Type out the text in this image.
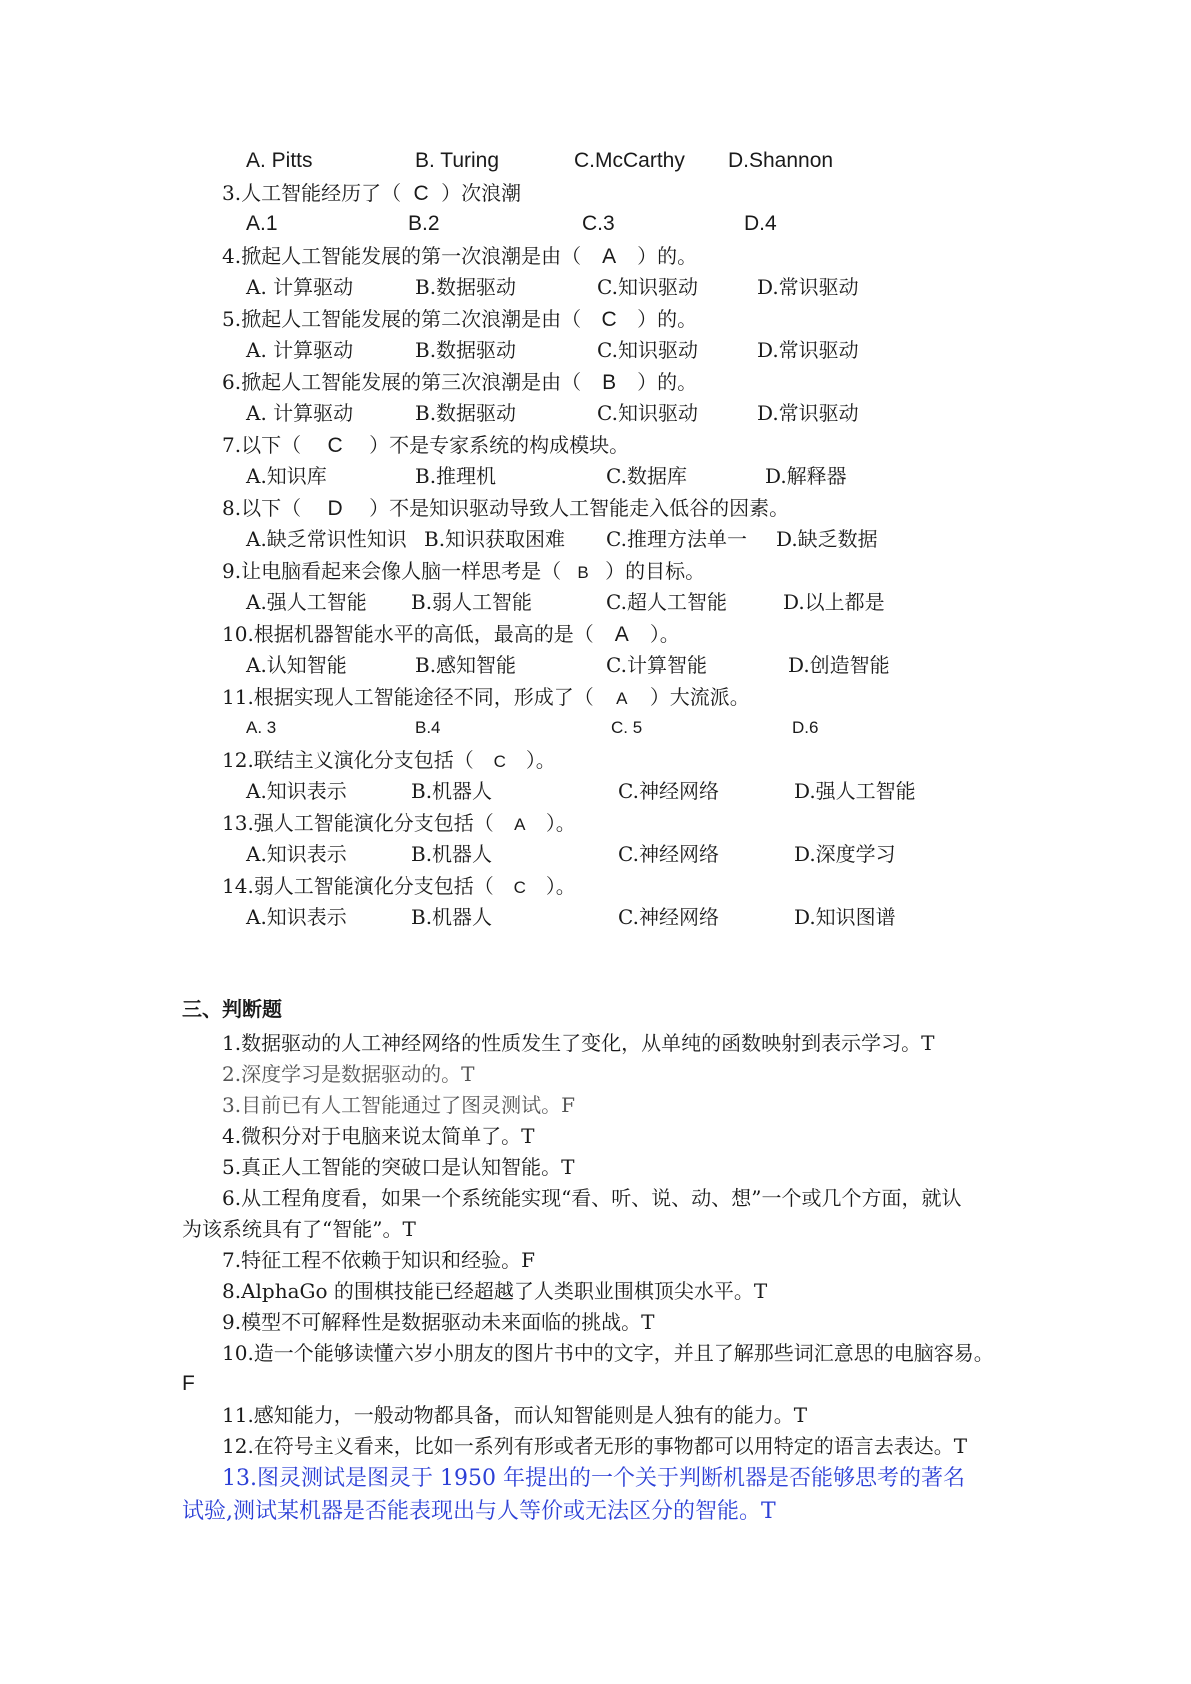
A. Pitts	B. Turing	C.McCarthy D.Shannon
3.人工智能经历了（ C ）次浪潮
A.1	B.2	C.3	D.4
4.掀起人工智能发展的第一次浪潮是由（ A ）的。
A. 计算驱动	B.数据驱动	C.知识驱动	D.常识驱动
5.掀起人工智能发展的第二次浪潮是由（ C ）的。
A. 计算驱动	B.数据驱动	C.知识驱动	D.常识驱动
6.掀起人工智能发展的第三次浪潮是由（ B ）的。
A. 计算驱动	B.数据驱动	C.知识驱动	D.常识驱动
7.以下（ C ）不是专家系统的构成模块。
A.知识库	B.推理机	C.数据库	D.解释器
8.以下（ D ）不是知识驱动导致人工智能走入低谷的因素。
A.缺乏常识性知识 B.知识获取困难 C.推理方法单一 D.缺乏数据
9.让电脑看起来会像人脑一样思考是（ B ）的目标。
A.强人工智能 B.弱人工智能	C.超人工智能	D.以上都是
10.根据机器智能水平的高低，最高的是（ A ）。
A.认知智能	B.感知智能	C.计算智能	D.创造智能
11.根据实现人工智能途径不同，形成了（ A ）大流派。
A. 3	B.4	C. 5	D.6
12.联结主义演化分支包括（ C ）。
A.知识表示	B.机器人	C.神经网络	D.强人工智能
13.强人工智能演化分支包括（ A ）。
A.知识表示	B.机器人	C.神经网络	D.深度学习
14.弱人工智能演化分支包括（ C ）。
A.知识表示	B.机器人	C.神经网络	D.知识图谱
三、判断题
1.数据驱动的人工神经网络的性质发生了变化，从单纯的函数映射到表示学习。T
2.深度学习是数据驱动的。T
3.目前已有人工智能通过了图灵测试。F
4.微积分对于电脑来说太简单了。T
5.真正人工智能的突破口是认知智能。T
6.从工程角度看，如果一个系统能实现“看、听、说、动、想”一个或几个方面，就认
为该系统具有了“智能”。T
7.特征工程不依赖于知识和经验。F
8.AlphaGo 的围棋技能已经超越了人类职业围棋顶尖水平。T
9.模型不可解释性是数据驱动未来面临的挑战。T
10.造一个能够读懂六岁小朋友的图片书中的文字，并且了解那些词汇意思的电脑容易。
F
11.感知能力，一般动物都具备，而认知智能则是人独有的能力。T
12.在符号主义看来，比如一系列有形或者无形的事物都可以用特定的语言去表达。T
13.图灵测试是图灵于 1950 年提出的一个关于判断机器是否能够思考的著名
试验,测试某机器是否能表现出与人等价或无法区分的智能。T
